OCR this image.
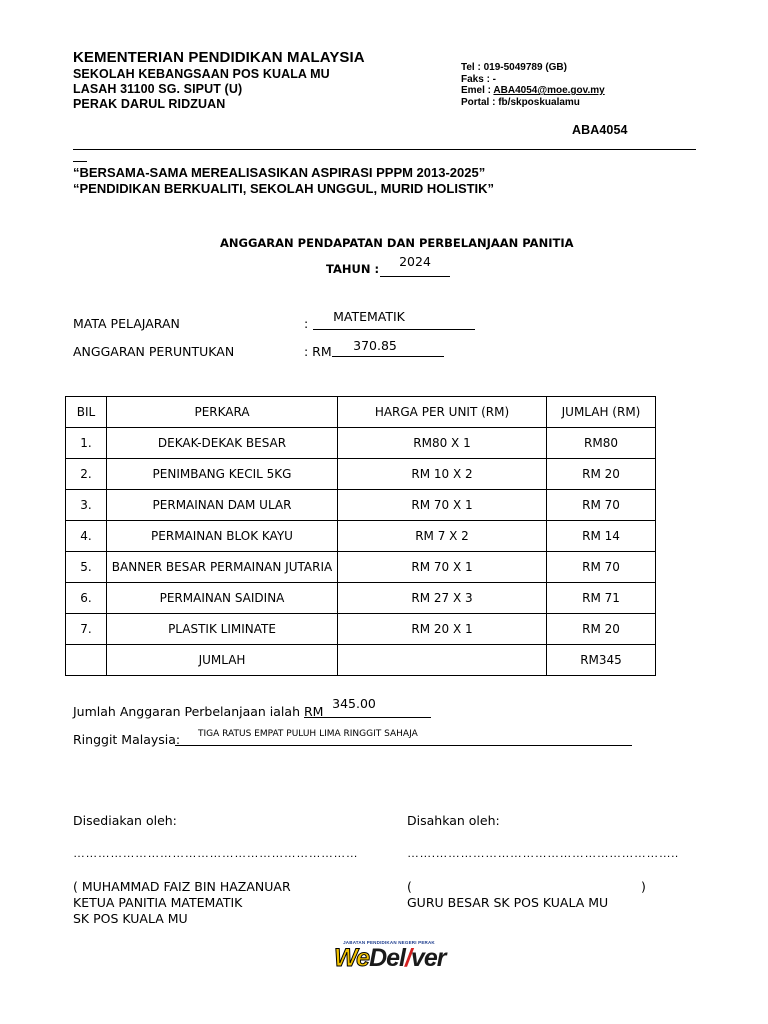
KEMENTERIAN PENDIDIKAN MALAYSIA
SEKOLAH KEBANGSAAN POS KUALA MU
LASAH 31100 SG. SIPUT (U)
PERAK DARUL RIDZUAN
Tel : 019-5049789 (GB)
Faks : -
Emel : ABA4054@moe.gov.my
Portal : fb/skposkualamu
ABA4054
“BERSAMA-SAMA MEREALISASIKAN ASPIRASI PPPM 2013-2025”
“PENDIDIKAN BERKUALITI, SEKOLAH UNGGUL, MURID HOLISTIK”
ANGGARAN PENDAPATAN DAN PERBELANJAAN PANITIA
TAHUN :	2024
MATA PELAJARAN	:	MATEMATIK
ANGGARAN PERUNTUKAN	: RM	370.85
BIL	PERKARA	HARGA PER UNIT (RM)	JUMLAH (RM)
1.	DEKAK-DEKAK BESAR	RM80 X 1	RM80
2.	PENIMBANG KECIL 5KG	RM 10 X 2	RM 20
3.	PERMAINAN DAM ULAR	RM 70 X 1	RM 70
4.	PERMAINAN BLOK KAYU	RM 7 X 2	RM 14
5.	BANNER BESAR PERMAINAN JUTARIA	RM 70 X 1	RM 70
6.	PERMAINAN SAIDINA	RM 27 X 3	RM 71
7.	PLASTIK LIMINATE	RM 20 X 1	RM 20
	JUMLAH		RM345
Jumlah Anggaran Perbelanjaan ialah RM
345.00
Ringgit Malaysia: TIGA RATUS EMPAT PULUH LIMA RINGGIT SAHAJA
Disediakan oleh:	Disahkan oleh:
……………………………………………………………	…….…………………………………………………..
( MUHAMMAD FAIZ BIN HAZANUAR	(	)
KETUA PANITIA MATEMATIK	GURU BESAR SK POS KUALA MU
SK POS KUALA MU
JABATAN PENDIDIKAN NEGERI PERAK
WeDel/ver
